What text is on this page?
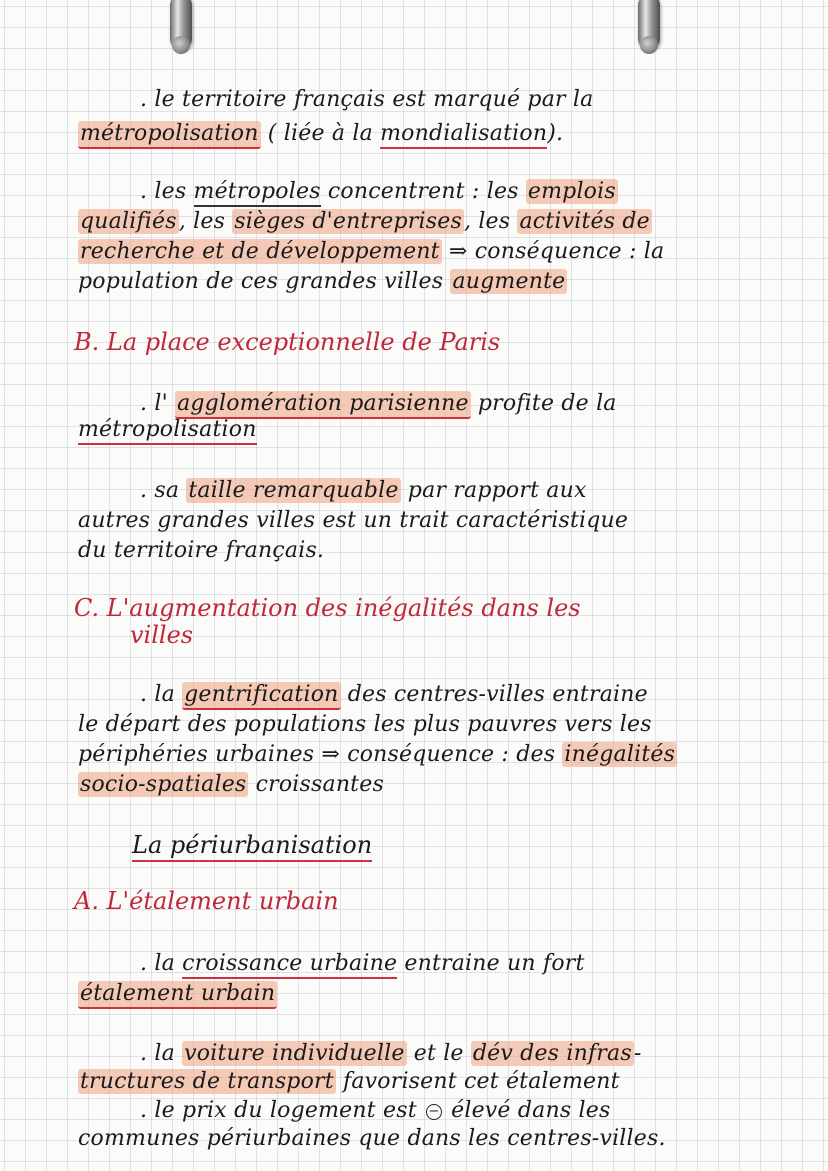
. le territoire français est marqué par la
métropolisation ( liée à la mondialisation).
. les métropoles concentrent : les emplois
qualifiés, les sièges d'entreprises, les activités de
recherche et de développement ⇒ conséquence : la
population de ces grandes villes augmente
B. La place exceptionnelle de Paris
. l' agglomération parisienne profite de la
métropolisation
. sa taille remarquable par rapport aux
autres grandes villes est un trait caractéristique
du territoire français.
C. L'augmentation des inégalités dans les
villes
. la gentrification des centres-villes entraine
le départ des populations les plus pauvres vers les
périphéries urbaines ⇒ conséquence : des inégalités
socio-spatiales croissantes
La périurbanisation
A. L'étalement urbain
. la croissance urbaine entraine un fort
étalement urbain
. la voiture individuelle et le dév des infras-
tructures de transport favorisent cet étalement
. le prix du logement est − élevé dans les
communes périurbaines que dans les centres-villes.
